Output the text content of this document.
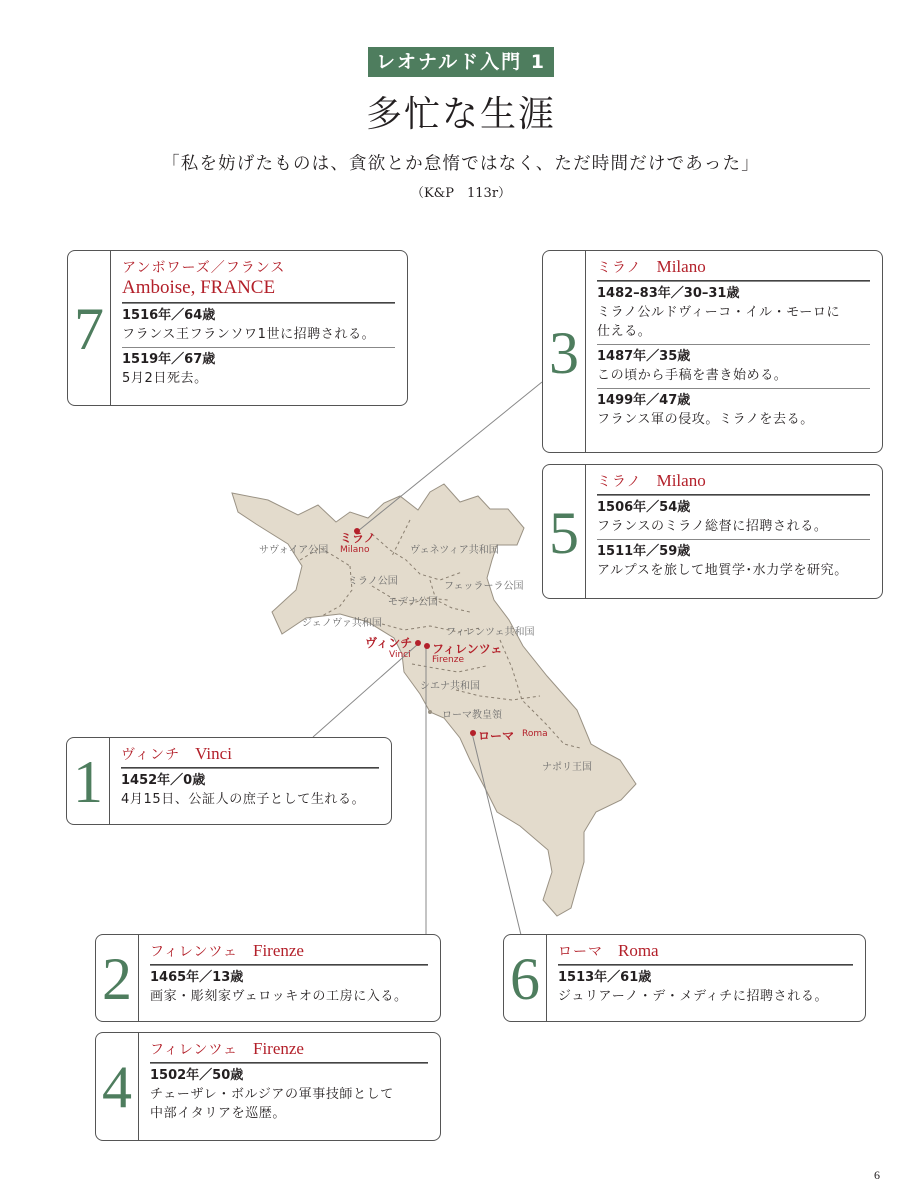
レオナルド入門 1
多忙な生涯
「私を妨げたものは、貪欲とか怠惰ではなく、ただ時間だけであった」
（K&P　113r）
サヴォイア公国	ヴェネツィア共和国
ミラノ公国	フェッラーラ公国
モデナ公国
ジェノヴァ共和国
フィレンツェ共和国
シエナ共和国
ローマ教皇領
ナポリ王国
ミラノ
Milano
ヴィンチ
Vinci フィレンツェ
Firenze
ローマ Roma
7
アンボワーズ／フランス
Amboise, FRANCE
1516年／64歳
フランス王フランソワ1世に招聘される。
1519年／67歳
5月2日死去。	3
ミラノ　 Milano
1482–83年／30–31歳
ミラノ公ルドヴィーコ・イル・モーロに
仕える。
1487年／35歳
この頃から手稿を書き始める。
1499年／47歳
フランス軍の侵攻。ミラノを去る。
5
ミラノ　 Milano
1506年／54歳
フランスのミラノ総督に招聘される。
1511年／59歳
アルプスを旅して地質学･水力学を研究。
1	ヴィンチ　 Vinci
1452年／0歳
4月15日、公証人の庶子として生れる。
2	フィレンツェ　 Firenze
1465年／13歳
画家・彫刻家ヴェロッキオの工房に入る。	6	ローマ　 Roma
1513年／61歳
ジュリアーノ・デ・メディチに招聘される。
4
フィレンツェ　 Firenze
1502年／50歳
チェーザレ・ボルジアの軍事技師として
中部イタリアを巡歴。
6
